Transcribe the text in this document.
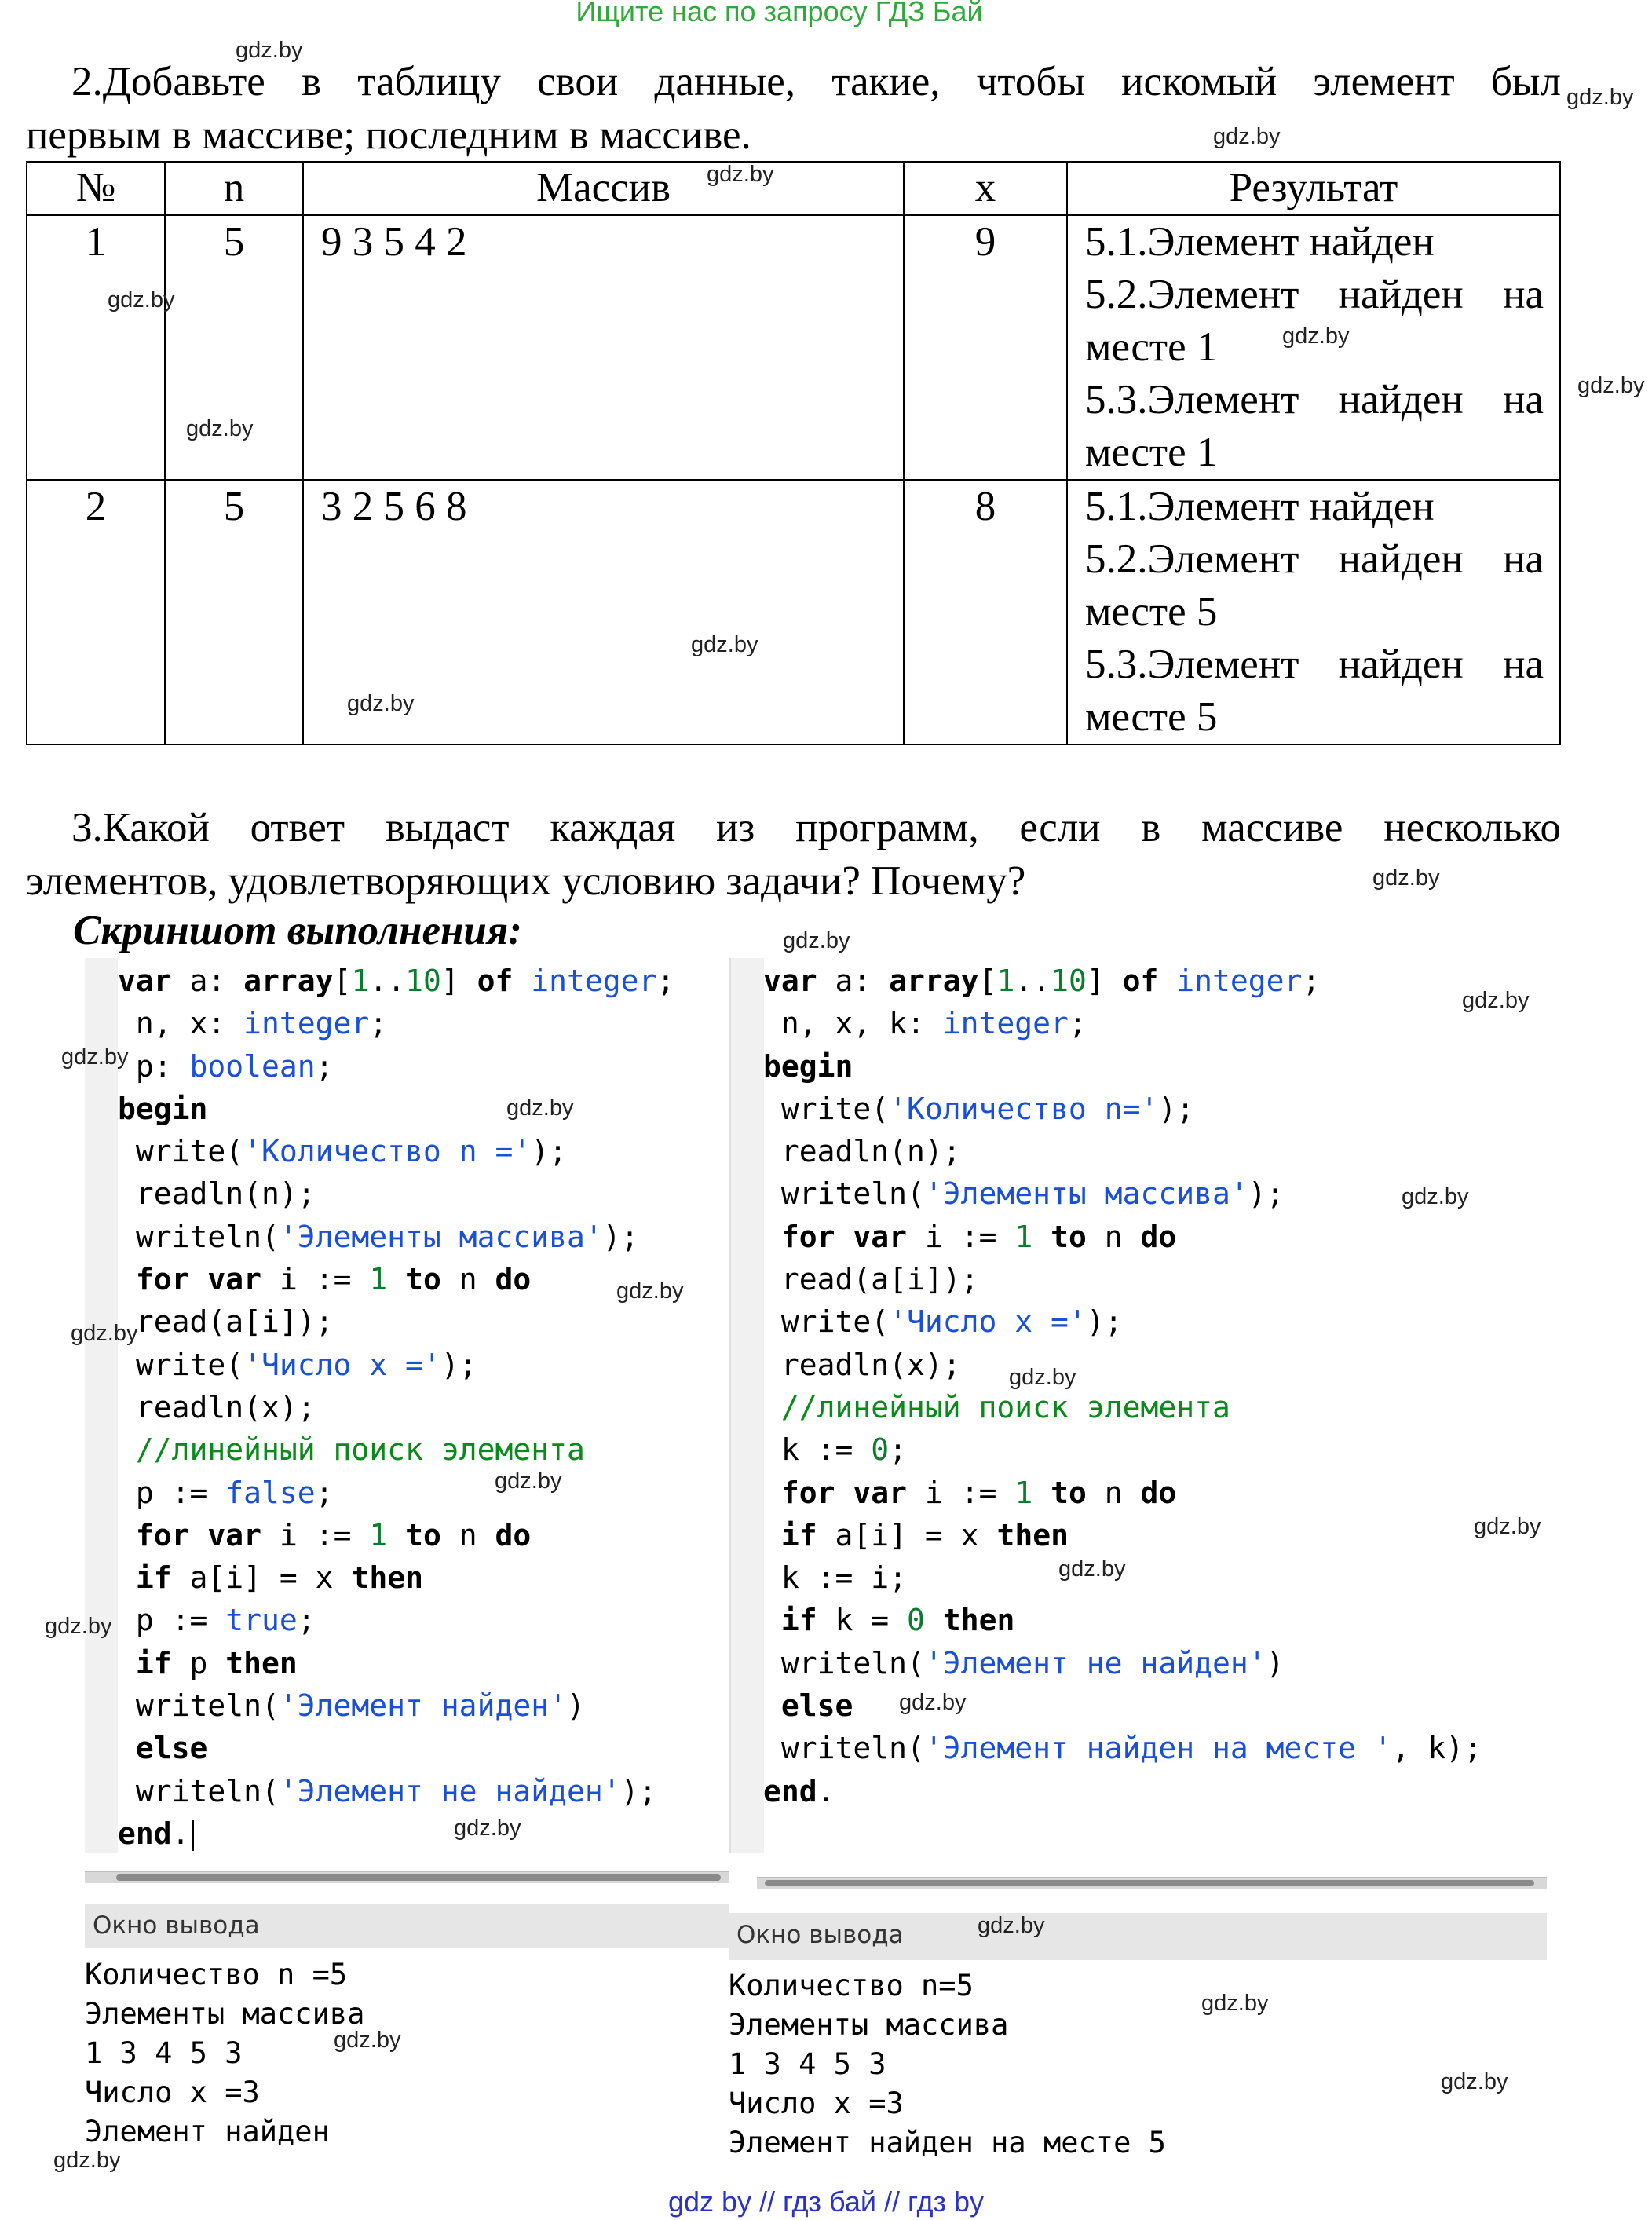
Ищите нас по запросу ГДЗ Бай
2.Добавьте в таблицу свои данные, такие, чтобы искомый элемент был
первым в массиве; последним в массиве.
№	n	Массив	x	Результат
1	5	9 3 5 4 2	9	5.1.Элемент найден
5.2.Элемент найден на
месте 1
5.3.Элемент найден на
месте 1

2	5	3 2 5 6 8	8	5.1.Элемент найден
5.2.Элемент найден на
месте 5
5.3.Элемент найден на
месте 5
3.Какой ответ выдаст каждая из программ, если в массиве несколько
элементов, удовлетворяющих условию задачи? Почему?
Скриншот выполнения:
var a: array[1..10] of integer;
n, x: integer;
p: boolean;
begin
write('Количество n =');
readln(n);
writeln('Элементы массива');
for var i := 1 to n do
read(a[i]);
write('Число x =');
readln(x);
//линейный поиск элемента
p := false;
for var i := 1 to n do
if a[i] = x then
p := true;
if p then
writeln('Элемент найден')
else
writeln('Элемент не найден');
end.
Окно вывода
Количество n =5
Элементы массива
1 3 4 5 3
Число x =3
Элемент найден
var a: array[1..10] of integer;
n, x, k: integer;
begin
write('Количество n=');
readln(n);
writeln('Элементы массива');
for var i := 1 to n do
read(a[i]);
write('Число x =');
readln(x);
//линейный поиск элемента
k := 0;
for var i := 1 to n do
if a[i] = x then
k := i;
if k = 0 then
writeln('Элемент не найден')
else
writeln('Элемент найден на месте ', k);
end.
Окно вывода
Количество n=5
Элементы массива
1 3 4 5 3
Число x =3
Элемент найден на месте 5
gdz.by
gdz.by
gdz.by
gdz.by
gdz.by
gdz.by
gdz.by
gdz.by
gdz.by
gdz.by
gdz.by
gdz.by
gdz.by
gdz.by
gdz.by
gdz.by
gdz.by
gdz.by
gdz.by
gdz.by
gdz.by
gdz.by
gdz.by
gdz.by
gdz.by
gdz.by
gdz.by
gdz.by
gdz.by
gdz.by
gdz by // гдз бай // гдз by
